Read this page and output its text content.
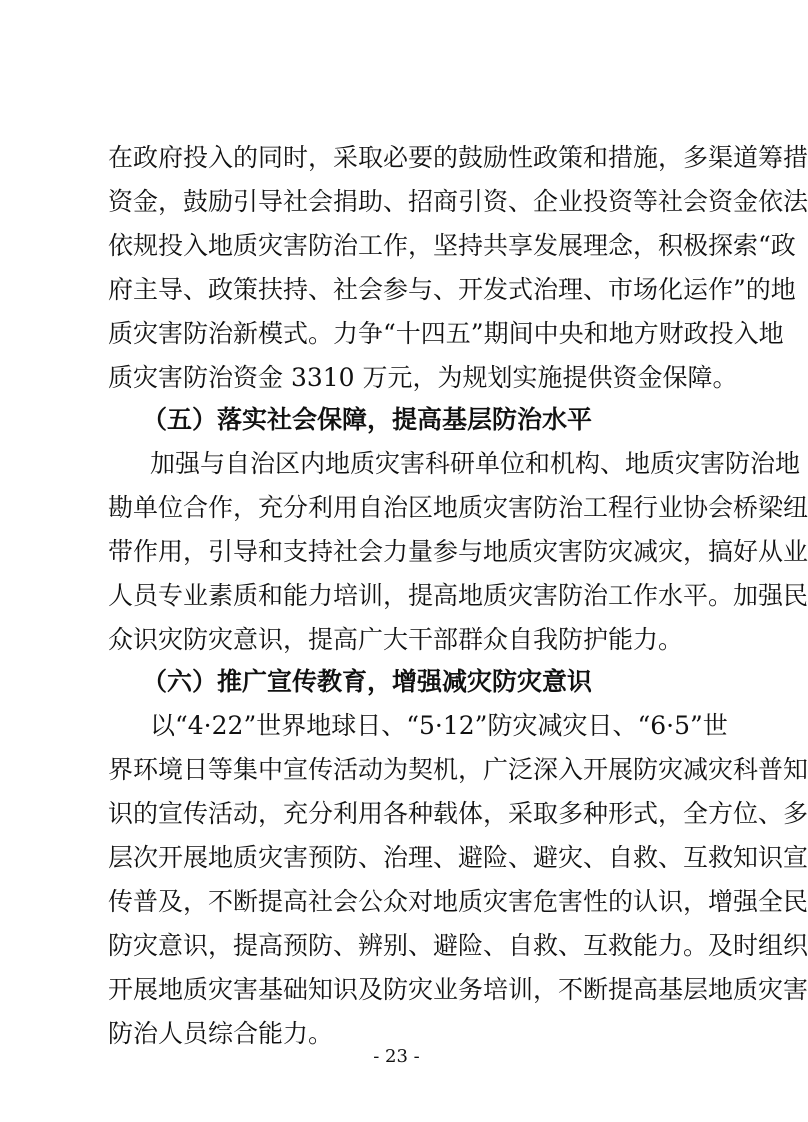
在政府投入的同时，采取必要的鼓励性政策和措施，多渠道筹措
资金，鼓励引导社会捐助、招商引资、企业投资等社会资金依法
依规投入地质灾害防治工作，坚持共享发展理念，积极探索“政
府主导、政策扶持、社会参与、开发式治理、市场化运作”的地
质灾害防治新模式。力争“十四五”期间中央和地方财政投入地
质灾害防治资金 3310 万元，为规划实施提供资金保障。
（五）落实社会保障，提高基层防治水平
加强与自治区内地质灾害科研单位和机构、地质灾害防治地
勘单位合作，充分利用自治区地质灾害防治工程行业协会桥梁纽
带作用，引导和支持社会力量参与地质灾害防灾减灾，搞好从业
人员专业素质和能力培训，提高地质灾害防治工作水平。加强民
众识灾防灾意识，提高广大干部群众自我防护能力。
（六）推广宣传教育，增强减灾防灾意识
以“4·22”世界地球日、“5·12”防灾减灾日、“6·5”世
界环境日等集中宣传活动为契机，广泛深入开展防灾减灾科普知
识的宣传活动，充分利用各种载体，采取多种形式，全方位、多
层次开展地质灾害预防、治理、避险、避灾、自救、互救知识宣
传普及，不断提高社会公众对地质灾害危害性的认识，增强全民
防灾意识，提高预防、辨别、避险、自救、互救能力。及时组织
开展地质灾害基础知识及防灾业务培训，不断提高基层地质灾害
防治人员综合能力。
- 23 -
